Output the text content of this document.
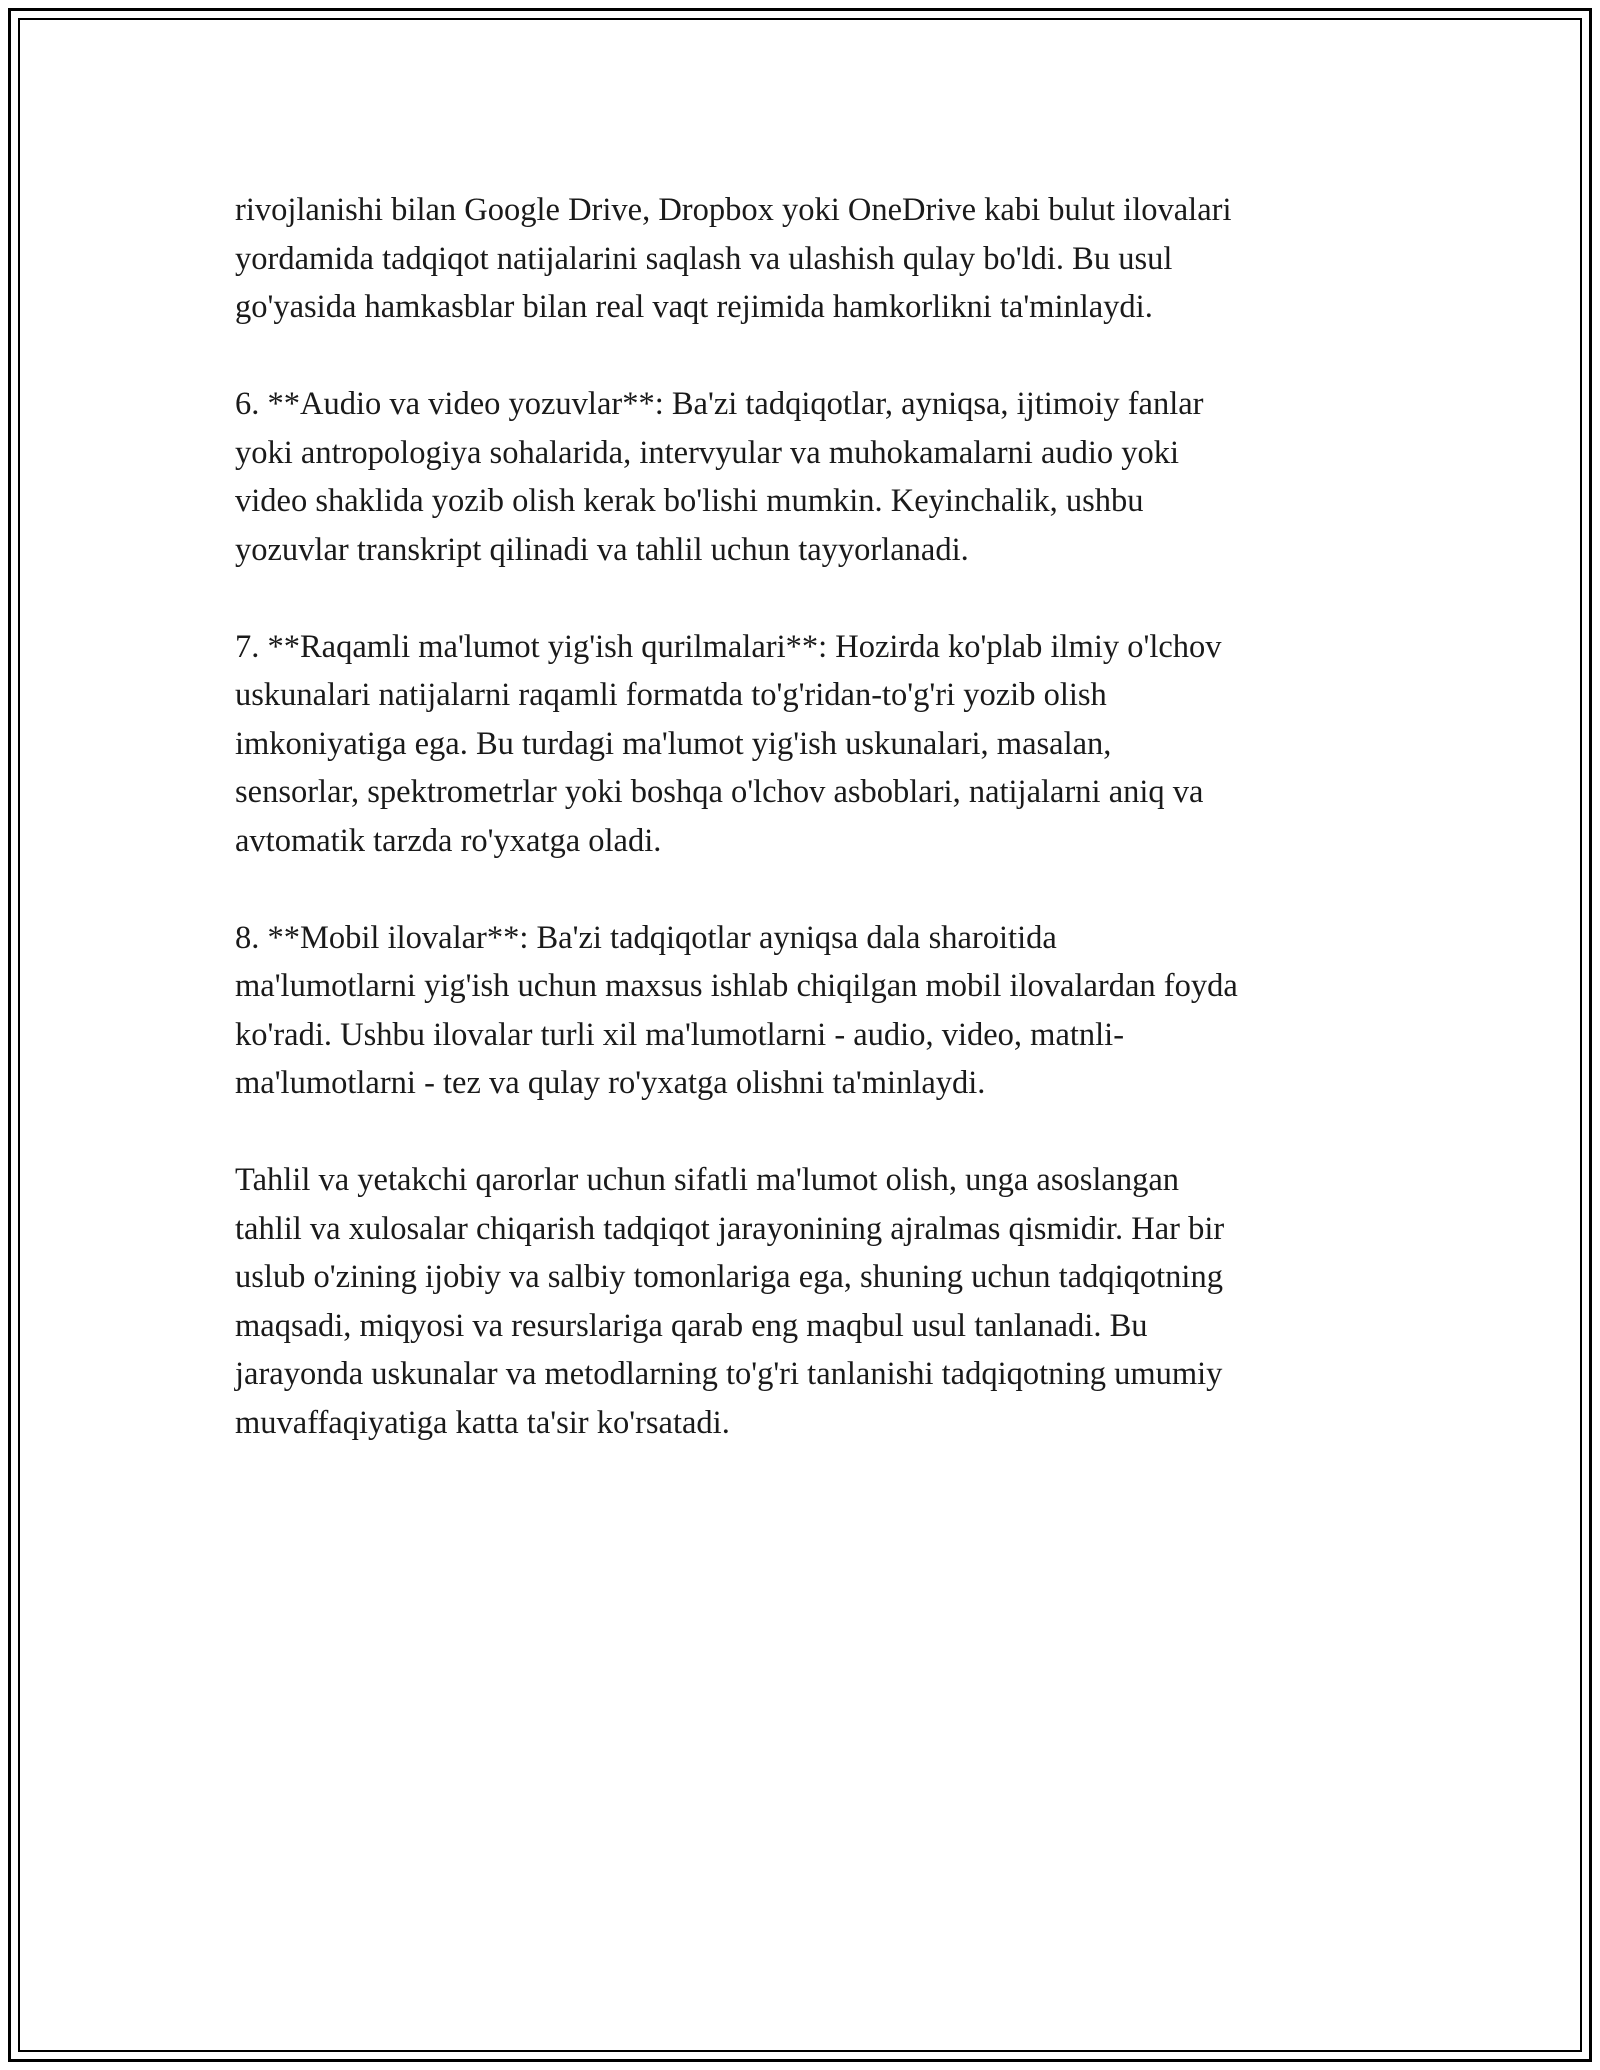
rivojlanishi bilan Google Drive, Dropbox yoki OneDrive kabi bulut ilovalari
yordamida tadqiqot natijalarini saqlash va ulashish qulay bo'ldi. Bu usul
go'yasida hamkasblar bilan real vaqt rejimida hamkorlikni ta'minlaydi.

6. **Audio va video yozuvlar**: Ba'zi tadqiqotlar, ayniqsa, ijtimoiy fanlar
yoki antropologiya sohalarida, intervyular va muhokamalarni audio yoki
video shaklida yozib olish kerak bo'lishi mumkin. Keyinchalik, ushbu
yozuvlar transkript qilinadi va tahlil uchun tayyorlanadi.

7. **Raqamli ma'lumot yig'ish qurilmalari**: Hozirda ko'plab ilmiy o'lchov
uskunalari natijalarni raqamli formatda to'g'ridan-to'g'ri yozib olish
imkoniyatiga ega. Bu turdagi ma'lumot yig'ish uskunalari, masalan,
sensorlar, spektrometrlar yoki boshqa o'lchov asboblari, natijalarni aniq va
avtomatik tarzda ro'yxatga oladi.

8. **Mobil ilovalar**: Ba'zi tadqiqotlar ayniqsa dala sharoitida
ma'lumotlarni yig'ish uchun maxsus ishlab chiqilgan mobil ilovalardan foyda
ko'radi. Ushbu ilovalar turli xil ma'lumotlarni - audio, video, matnli-
ma'lumotlarni - tez va qulay ro'yxatga olishni ta'minlaydi.

Tahlil va yetakchi qarorlar uchun sifatli ma'lumot olish, unga asoslangan
tahlil va xulosalar chiqarish tadqiqot jarayonining ajralmas qismidir. Har bir
uslub o'zining ijobiy va salbiy tomonlariga ega, shuning uchun tadqiqotning
maqsadi, miqyosi va resurslariga qarab eng maqbul usul tanlanadi. Bu
jarayonda uskunalar va metodlarning to'g'ri tanlanishi tadqiqotning umumiy
muvaffaqiyatiga katta ta'sir ko'rsatadi.
